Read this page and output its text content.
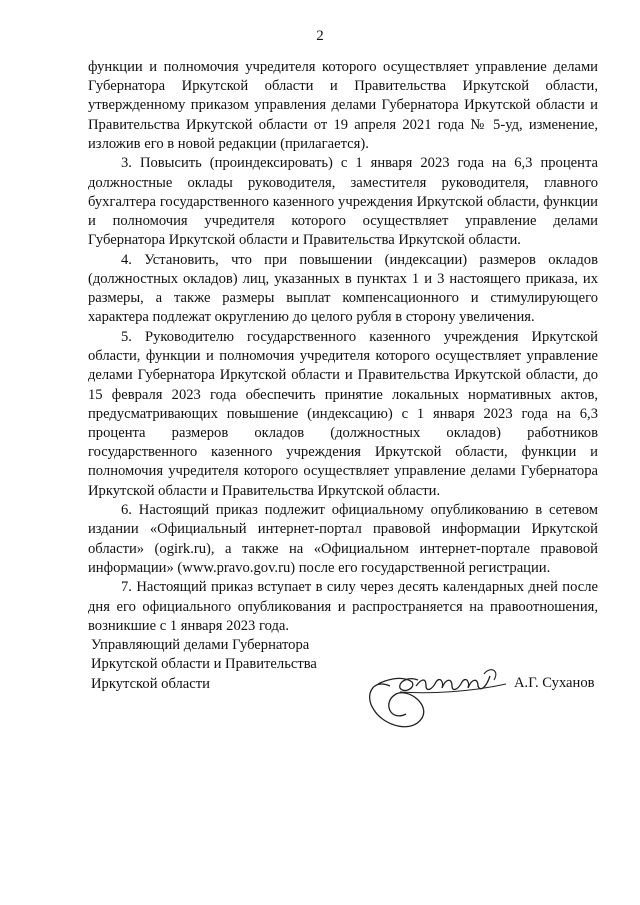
2

функции и полномочия учредителя которого осуществляет управление делами Губернатора Иркутской области и Правительства Иркутской области, утвержденному приказом управления делами Губернатора Иркутской области и Правительства Иркутской области от 19 апреля 2021 года № 5-уд, изменение, изложив его в новой редакции (прилагается).

3. Повысить (проиндексировать) с 1 января 2023 года на 6,3 процента должностные оклады руководителя, заместителя руководителя, главного бухгалтера государственного казенного учреждения Иркутской области, функции и полномочия учредителя которого осуществляет управление делами Губернатора Иркутской области и Правительства Иркутской области.

4. Установить, что при повышении (индексации) размеров окладов (должностных окладов) лиц, указанных в пунктах 1 и 3 настоящего приказа, их размеры, а также размеры выплат компенсационного и стимулирующего характера подлежат округлению до целого рубля в сторону увеличения.

5. Руководителю государственного казенного учреждения Иркутской области, функции и полномочия учредителя которого осуществляет управление делами Губернатора Иркутской области и Правительства Иркутской области, до 15 февраля 2023 года обеспечить принятие локальных нормативных актов, предусматривающих повышение (индексацию) с 1 января 2023 года на 6,3 процента размеров окладов (должностных окладов) работников государственного казенного учреждения Иркутской области, функции и полномочия учредителя которого осуществляет управление делами Губернатора Иркутской области и Правительства Иркутской области.

6. Настоящий приказ подлежит официальному опубликованию в сетевом издании «Официальный интернет-портал правовой информации Иркутской области» (ogirk.ru), а также на «Официальном интернет-портале правовой информации» (www.pravo.gov.ru) после его государственной регистрации.

7. Настоящий приказ вступает в силу через десять календарных дней после дня его официального опубликования и распространяется на правоотношения, возникшие с 1 января 2023 года.

Управляющий делами Губернатора
Иркутской области и Правительства
Иркутской области	А.Г. Суханов
